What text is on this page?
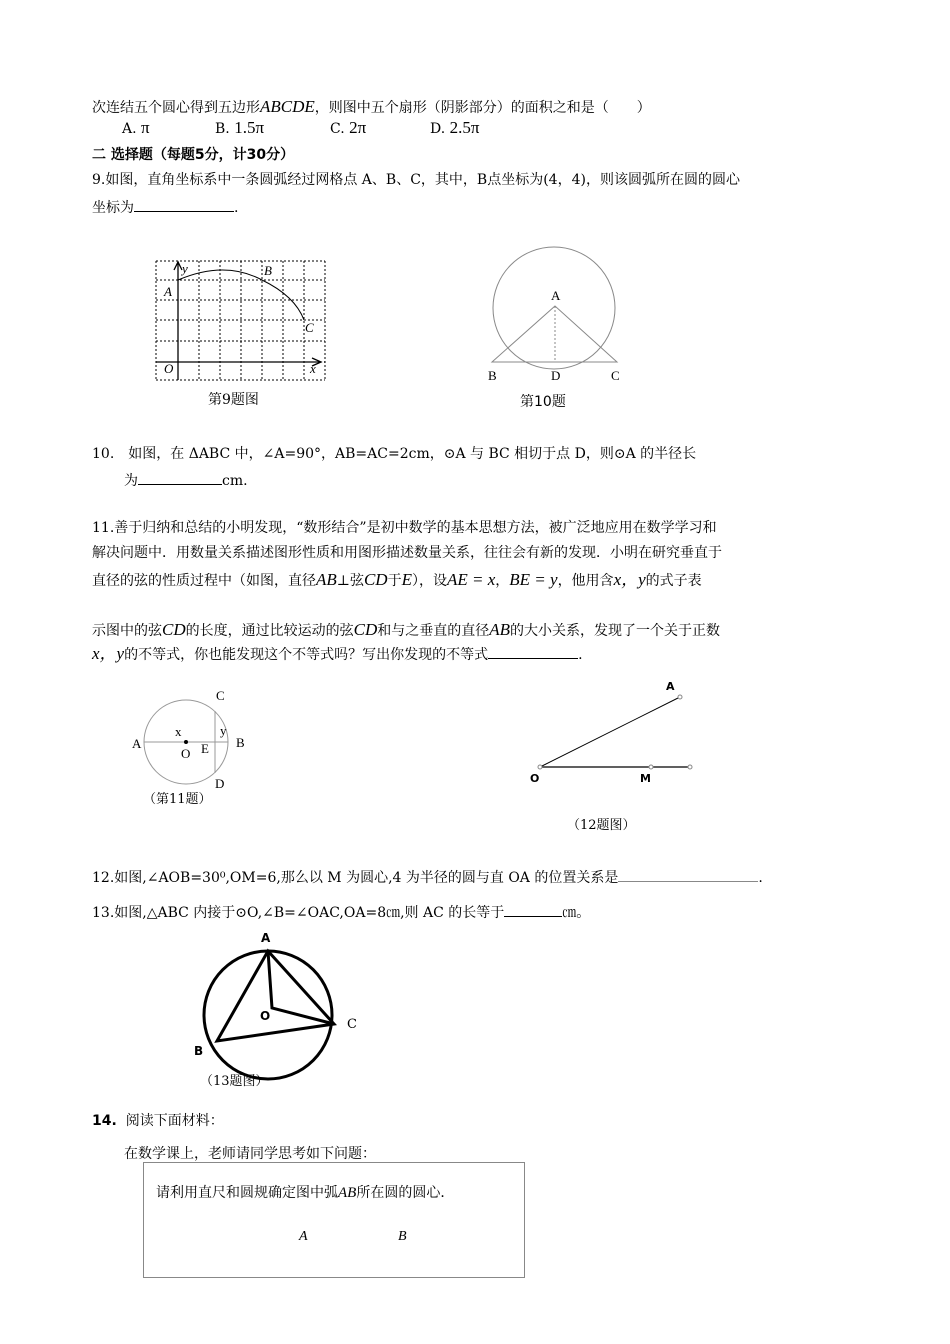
次连结五个圆心得到五边形ABCDE，则图中五个扇形（阴影部分）的面积之和是（　　）
A. π	B. 1.5π	C. 2π	D. 2.5π
二 选择题（每题5分，计30分）
9.如图，直角坐标系中一条圆弧经过网格点 A、B、C，其中，B点坐标为(4，4)，则该圆弧所在圆的圆心
坐标为	.
y
A
B
C
O	x
第9题图
A
B	D	C
第10题
10.　如图，在 ΔABC 中，∠A=90°，AB=AC=2cm，⊙A 与 BC 相切于点 D，则⊙A 的半径长
为	cm.
11.善于归纳和总结的小明发现，“数形结合”是初中数学的基本思想方法，被广泛地应用在数学学习和
解决问题中．用数量关系描述图形性质和用图形描述数量关系，往往会有新的发现．小明在研究垂直于
直径的弦的性质过程中（如图，直径AB⊥弦CD于E），设AE = x，BE = y，他用含x，y的式子表
示图中的弦CD的长度，通过比较运动的弦CD和与之垂直的直径AB的大小关系，发现了一个关于正数
x，y的不等式，你也能发现这个不等式吗？写出你发现的不等式	.
C
A	B
x	y
O E
D
（第11题）
A
O	M
（12题图）
12.如图,∠AOB=30⁰,OM=6,那么以 M 为圆心,4 为半径的圆与直 OA 的位置关系是	.
13.如图,△ABC 内接于⊙O,∠B=∠OAC,OA=8㎝,则 AC 的长等于	㎝。
A
O
C
B
（13题图）
14. 阅读下面材料：
在数学课上，老师请同学思考如下问题：
请利用直尺和圆规确定图中弧AB所在圆的圆心．
A	B
